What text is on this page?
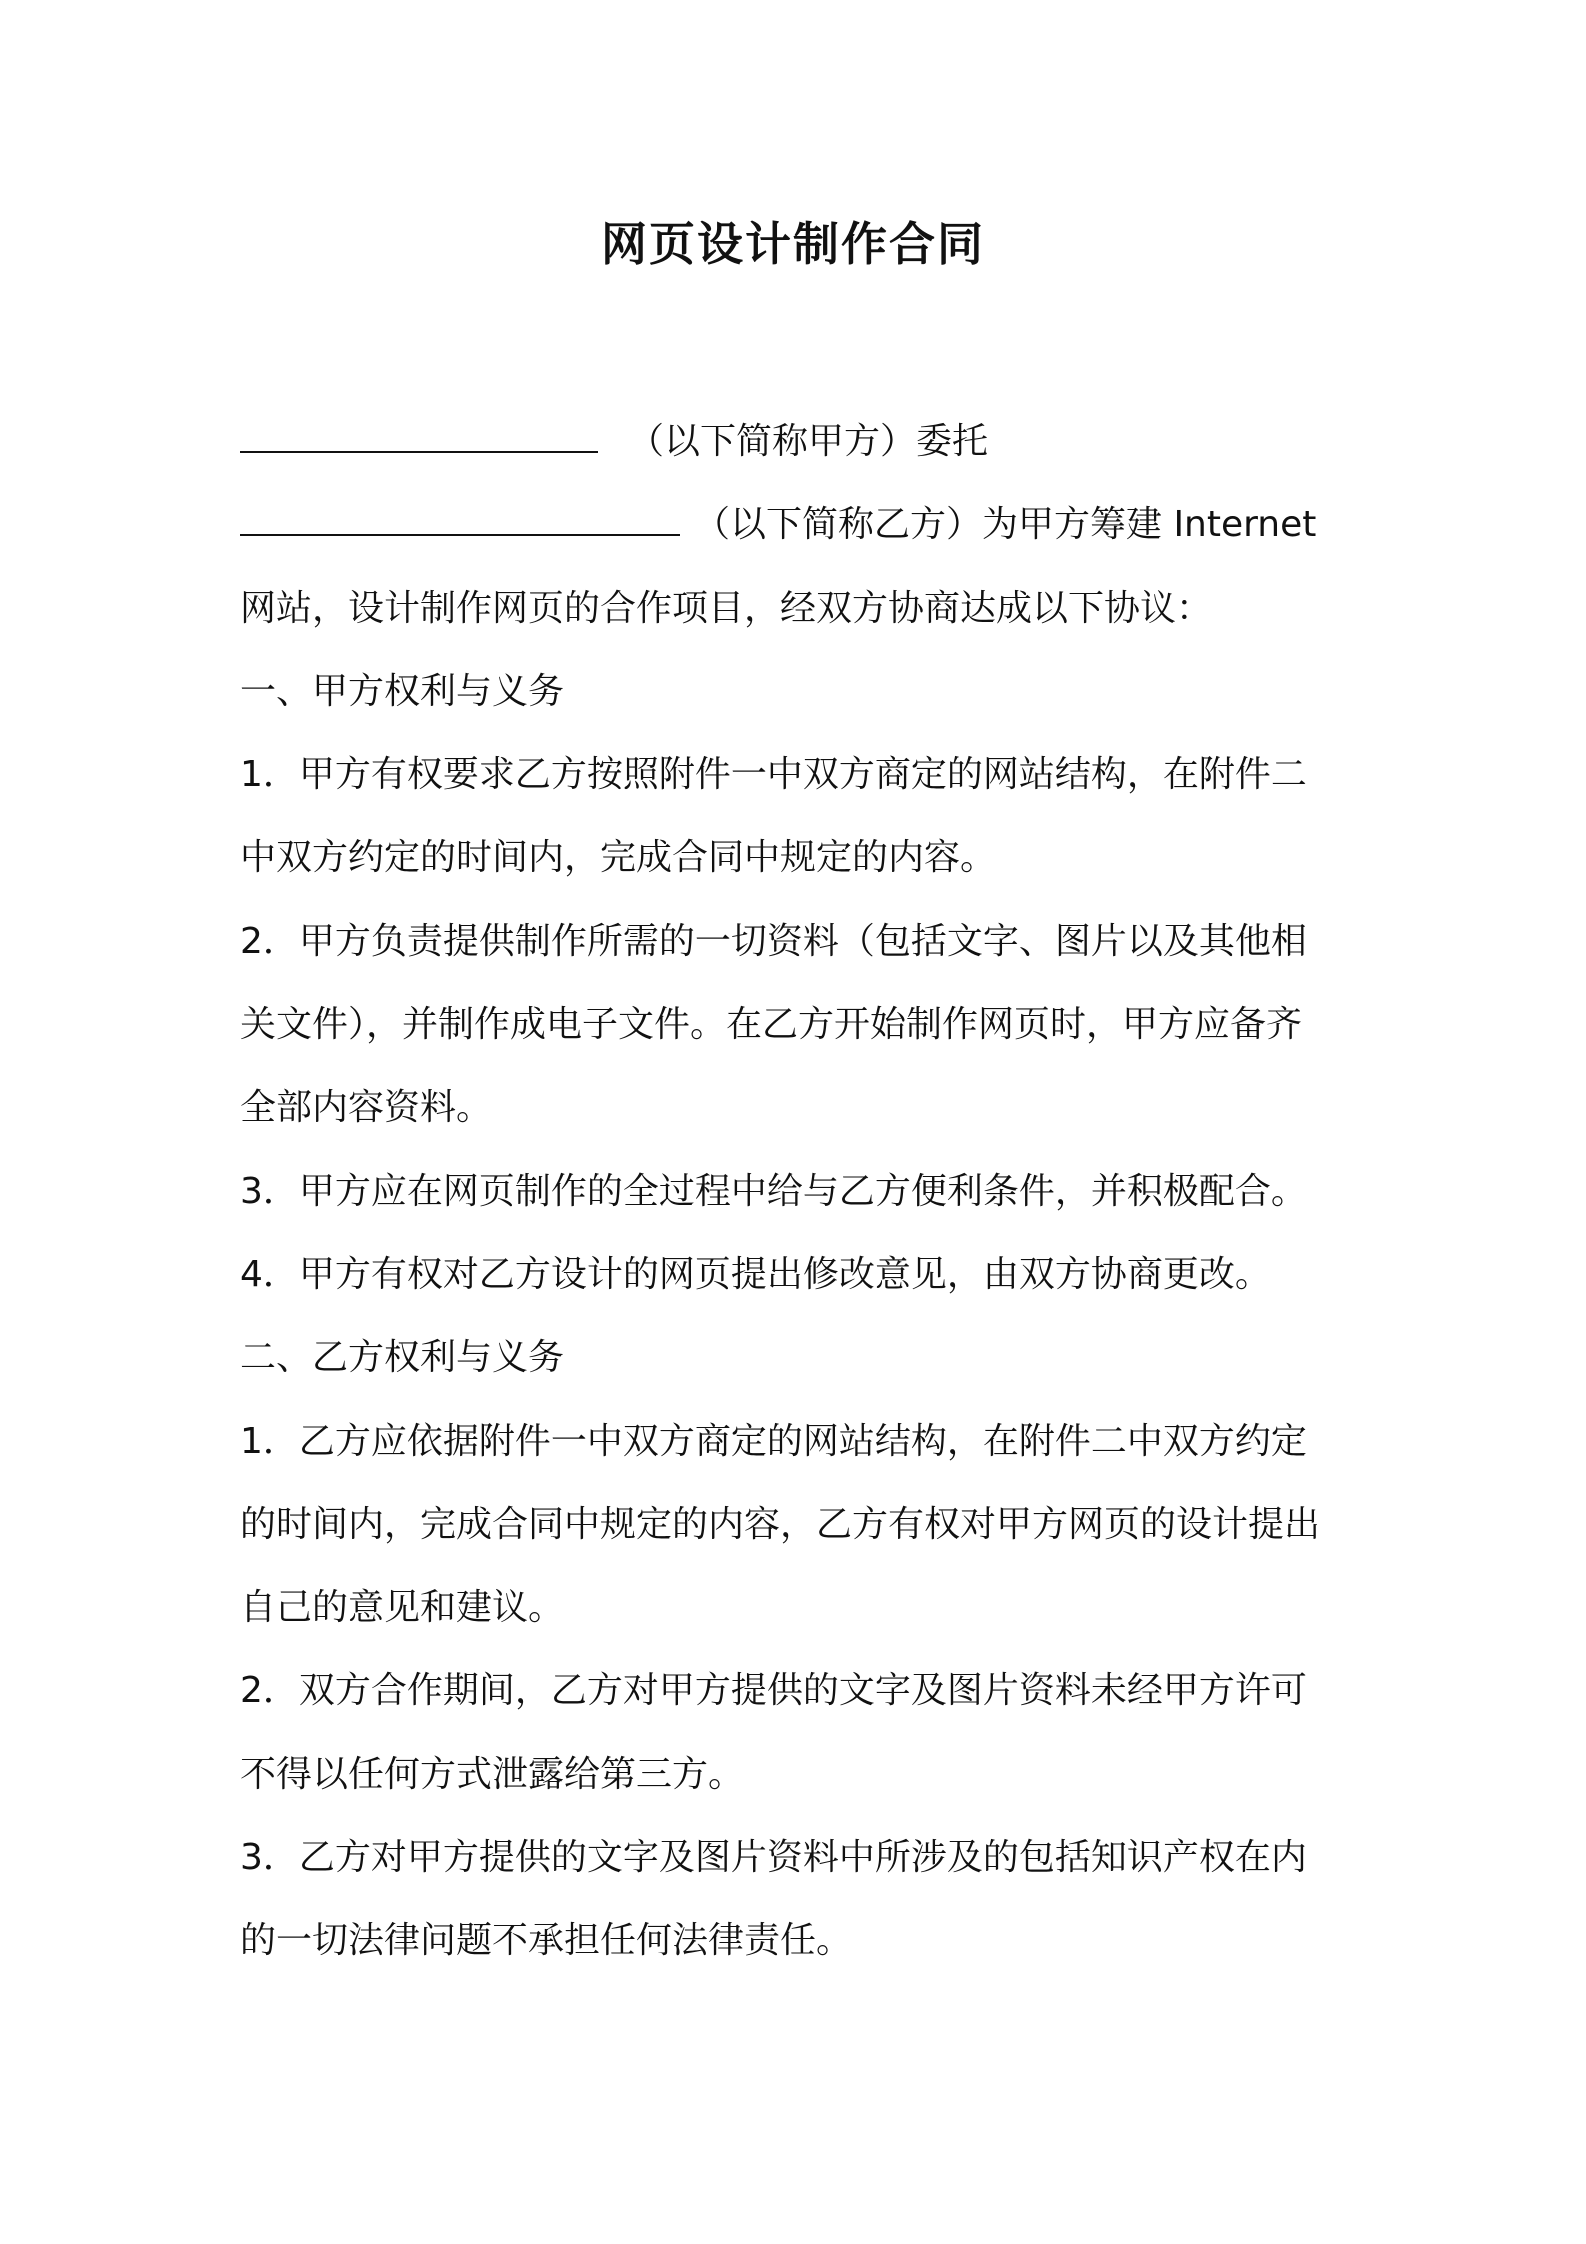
网页设计制作合同
（以下简称甲方）委托
（以下简称乙方）为甲方筹建 Internet
网站，设计制作网页的合作项目，经双方协商达成以下协议：
一、甲方权利与义务
1．甲方有权要求乙方按照附件一中双方商定的网站结构，在附件二
中双方约定的时间内，完成合同中规定的内容。
2．甲方负责提供制作所需的一切资料（包括文字、图片以及其他相
关文件），并制作成电子文件。在乙方开始制作网页时，甲方应备齐
全部内容资料。
3．甲方应在网页制作的全过程中给与乙方便利条件，并积极配合。
4．甲方有权对乙方设计的网页提出修改意见，由双方协商更改。
二、乙方权利与义务
1．乙方应依据附件一中双方商定的网站结构，在附件二中双方约定
的时间内，完成合同中规定的内容，乙方有权对甲方网页的设计提出
自己的意见和建议。
2．双方合作期间，乙方对甲方提供的文字及图片资料未经甲方许可
不得以任何方式泄露给第三方。
3．乙方对甲方提供的文字及图片资料中所涉及的包括知识产权在内
的一切法律问题不承担任何法律责任。
